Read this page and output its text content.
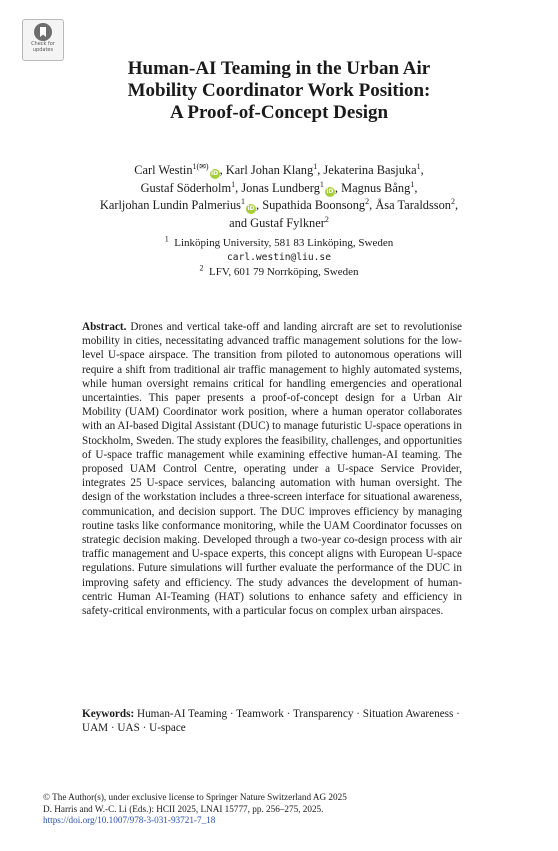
Check for
updates
Human-AI Teaming in the Urban Air
Mobility Coordinator Work Position:
A Proof-of-Concept Design
Carl Westin$^{1(✉)}$iD, Karl Johan Klang$^1$, Jekaterina Basjuka$^1$,
Gustaf Söderholm$^1$, Jonas Lundberg$^1$iD, Magnus Bång$^1$,
Karljohan Lundin Palmerius$^1$iD, Supathida Boonsong$^2$, Åsa Taraldsson$^2$,
and Gustaf Fylkner$^2$
$^1$ Linköping University, 581 83 Linköping, Sweden
carl.westin@liu.se
$^2$ LFV, 601 79 Norrköping, Sweden
Abstract. Drones and vertical take-off and landing aircraft are set to revolutionise mobility in cities, necessitating advanced traffic management solutions for the low-level U-space airspace. The transition from piloted to autonomous operations will require a shift from traditional air traffic management to highly automated systems, while human oversight remains critical for handling emergencies and operational uncertainties. This paper presents a proof-of-concept design for a Urban Air Mobility (UAM) Coordinator work position, where a human operator collaborates with an AI-based Digital Assistant (DUC) to manage futuristic U-space operations in Stockholm, Sweden. The study explores the feasibility, challenges, and opportunities of U-space traffic management while examining effective human-AI teaming. The proposed UAM Control Centre, operating under a U-space Service Provider, integrates 25 U-space services, balancing automation with human oversight. The design of the workstation includes a three-screen interface for situational awareness, communication, and decision support. The DUC improves efficiency by managing routine tasks like conformance monitoring, while the UAM Coordinator focusses on strategic decision making. Developed through a two-year co-design process with air traffic management and U-space experts, this concept aligns with European U-space regulations. Future simulations will further evaluate the performance of the DUC in improving safety and efficiency. The study advances the development of human-centric Human AI-Teaming (HAT) solutions to enhance safety and efficiency in safety-critical environments, with a particular focus on complex urban airspaces.
Keywords: Human-AI Teaming · Teamwork · Transparency · Situation Awareness · UAM · UAS · U-space
© The Author(s), under exclusive license to Springer Nature Switzerland AG 2025
D. Harris and W.-C. Li (Eds.): HCII 2025, LNAI 15777, pp. 256–275, 2025.
https://doi.org/10.1007/978-3-031-93721-7_18
